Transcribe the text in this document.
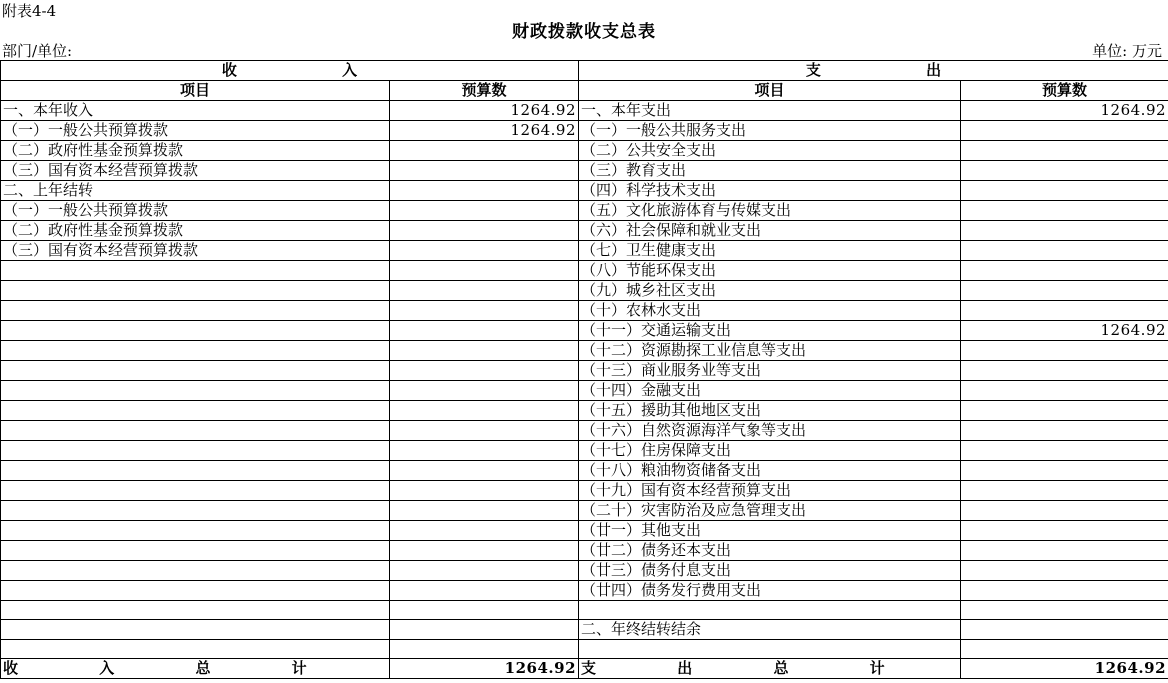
附表4-4
财政拨款收支总表
部门/单位:	单位: 万元
收 入		支 出	
项目	预算数	项目	预算数
一、本年收入	1264.92	一、本年支出	1264.92
（一）一般公共预算拨款	1264.92	（一）一般公共服务支出	
（二）政府性基金预算拨款		（二）公共安全支出	
（三）国有资本经营预算拨款		（三）教育支出	
二、上年结转		（四）科学技术支出	
（一）一般公共预算拨款		（五）文化旅游体育与传媒支出	
（二）政府性基金预算拨款		（六）社会保障和就业支出	
（三）国有资本经营预算拨款		（七）卫生健康支出	
		（八）节能环保支出	
		（九）城乡社区支出	
		（十）农林水支出	
		（十一）交通运输支出	1264.92
		（十二）资源勘探工业信息等支出	
		（十三）商业服务业等支出	
		（十四）金融支出	
		（十五）援助其他地区支出	
		（十六）自然资源海洋气象等支出	
		（十七）住房保障支出	
		（十八）粮油物资储备支出	
		（十九）国有资本经营预算支出	
		（二十）灾害防治及应急管理支出	
		（廿一）其他支出	
		（廿二）债务还本支出	
		（廿三）债务付息支出	
		（廿四）债务发行费用支出	

		二、年终结转结余	

收 入 总 计	1264.92	支 出 总 计	1264.92
